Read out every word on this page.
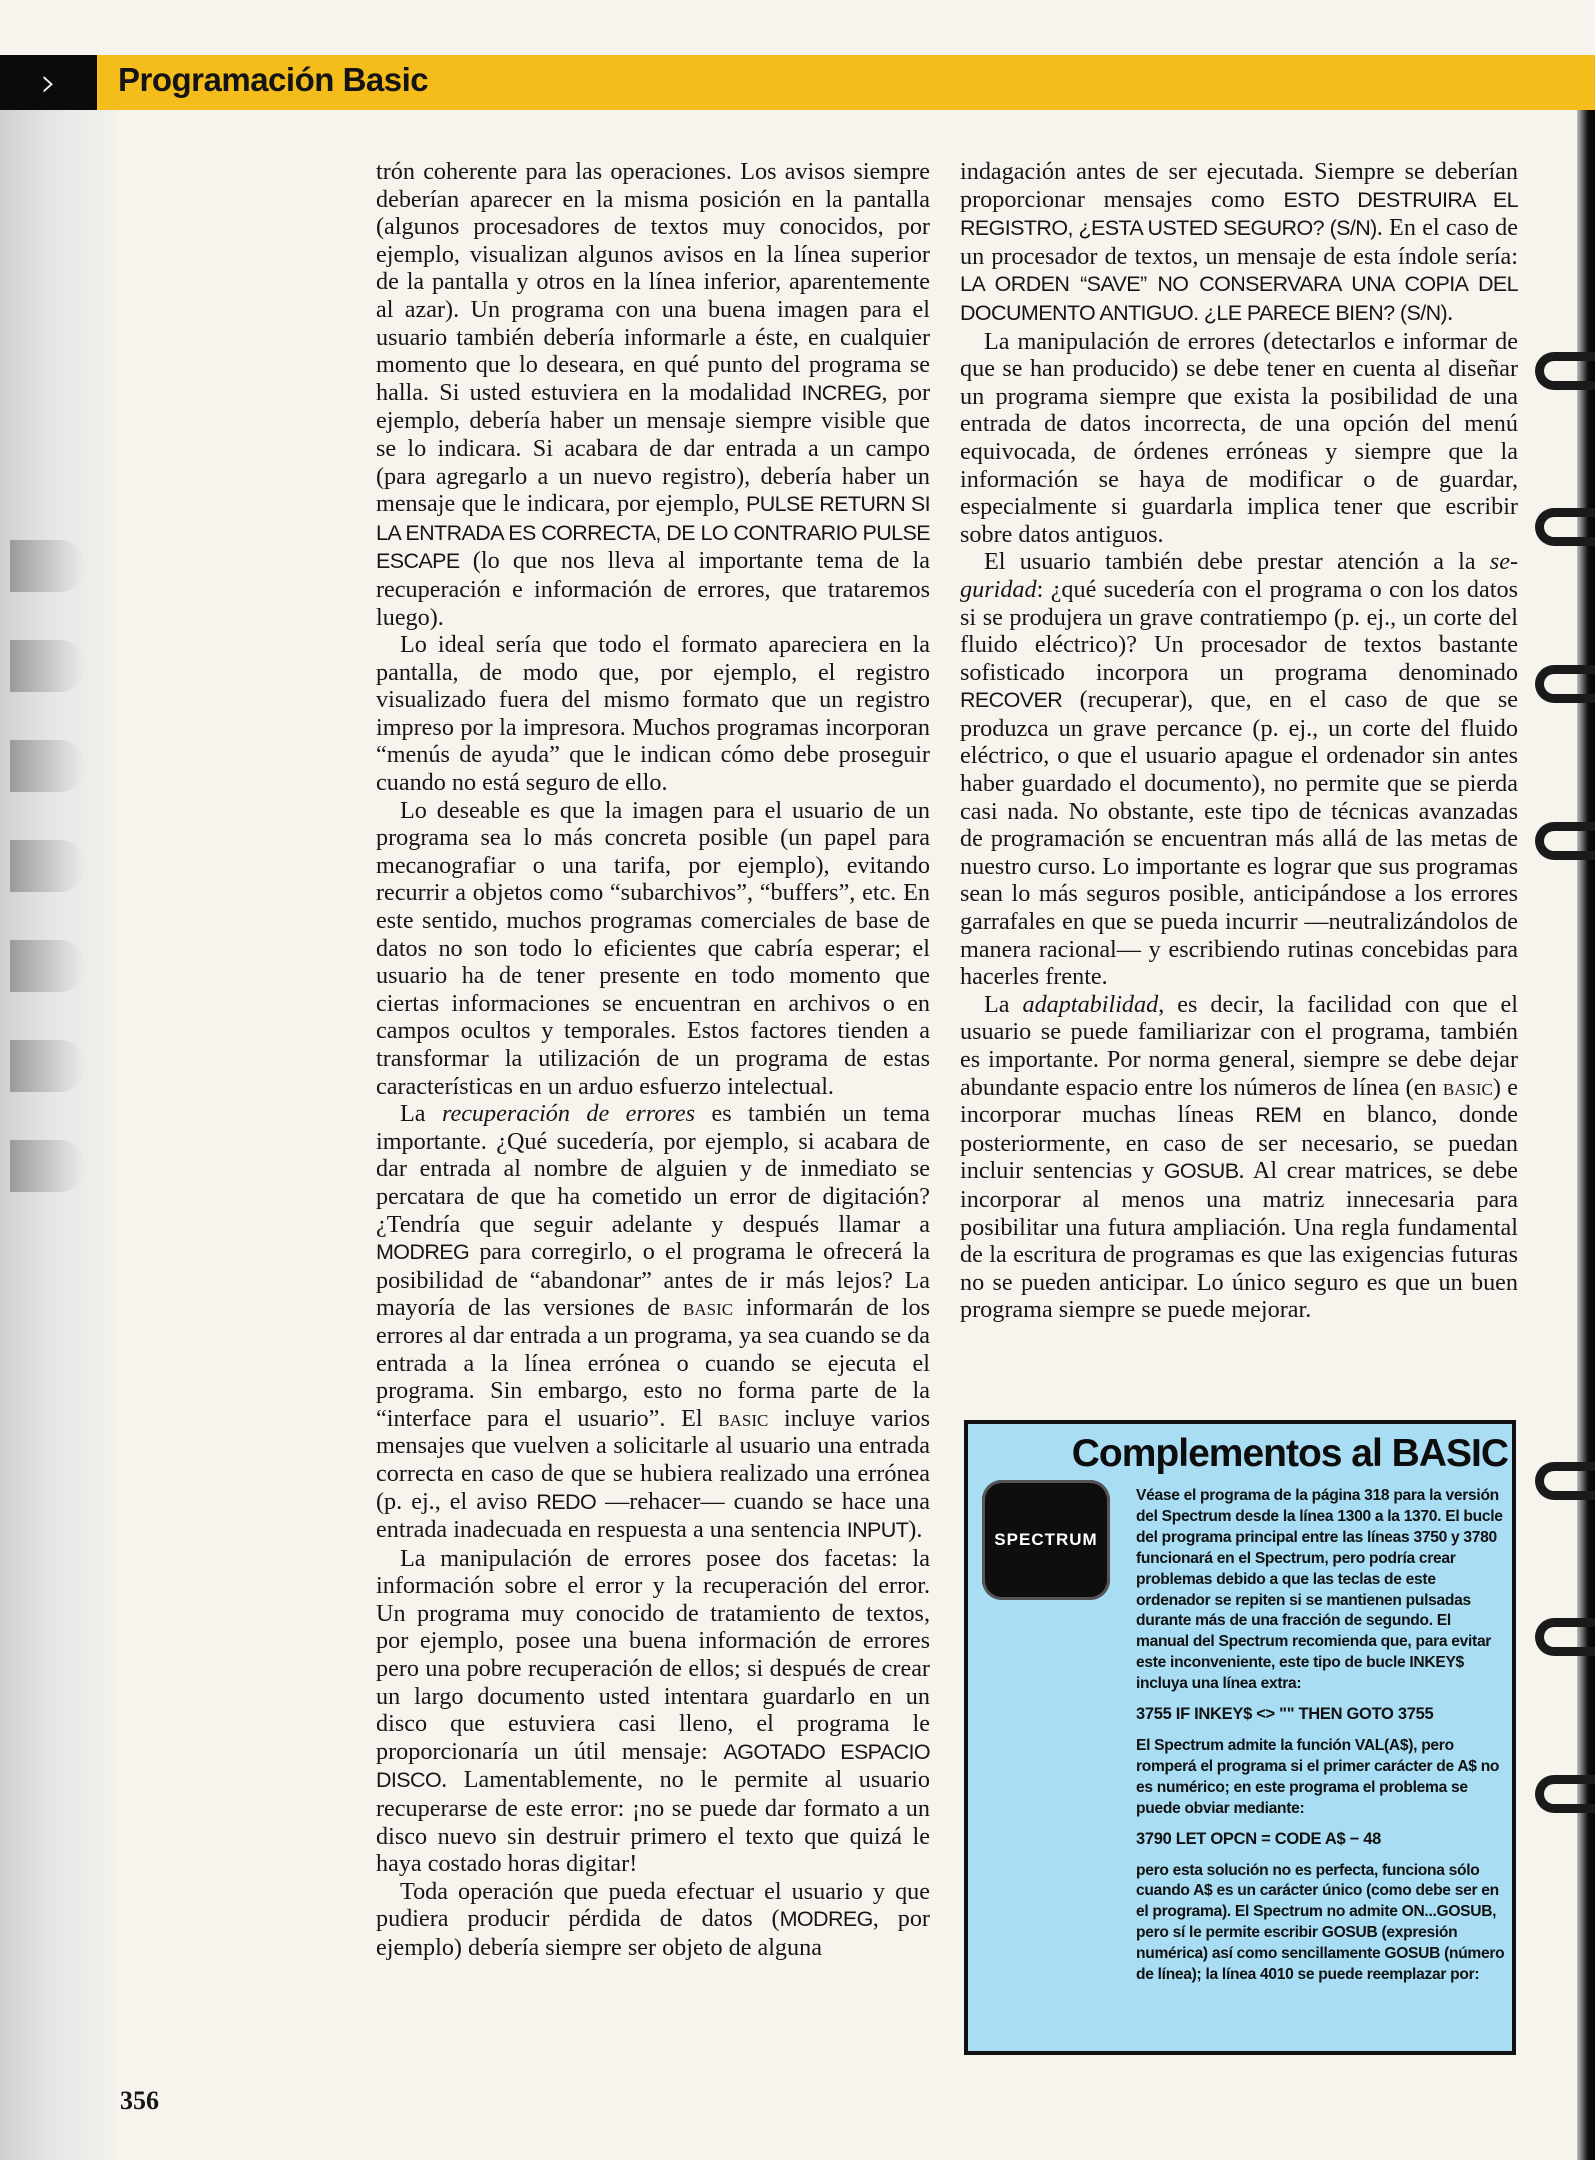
›	Programación Basic

trón coherente para las operaciones. Los avisos siempre deberían aparecer en la misma posición en la pantalla (algunos procesadores de textos muy conocidos, por ejemplo, visualizan algunos avisos en la línea superior de la pantalla y otros en la línea inferior, aparentemente al azar). Un programa con una buena imagen para el usuario también debería informarle a éste, en cualquier momento que lo deseara, en qué punto del programa se halla. Si usted estuviera en la modalidad INCREG, por ejemplo, debería haber un mensaje siempre visible que se lo indicara. Si acabara de dar entrada a un campo (para agregarlo a un nuevo registro), debería haber un mensaje que le indicara, por ejemplo, PULSE RETURN SI LA ENTRADA ES CORRECTA, DE LO CONTRARIO PULSE ESCAPE (lo que nos lleva al importante tema de la recuperación e información de errores, que trataremos luego).

Lo ideal sería que todo el formato apareciera en la pantalla, de modo que, por ejemplo, el registro visualizado fuera del mismo formato que un registro impreso por la impresora. Muchos programas incorporan “menús de ayuda” que le indican cómo debe proseguir cuando no está seguro de ello.

Lo deseable es que la imagen para el usuario de un programa sea lo más concreta posible (un papel para mecanografiar o una tarifa, por ejemplo), evitando recurrir a objetos como “subarchivos”, “buffers”, etc. En este sentido, muchos programas comerciales de base de datos no son todo lo eficientes que cabría esperar; el usuario ha de tener presente en todo momento que ciertas informaciones se encuentran en archivos o en campos ocultos y temporales. Estos factores tienden a transformar la utilización de un programa de estas características en un arduo esfuerzo intelectual.

La recuperación de errores es también un tema importante. ¿Qué sucedería, por ejemplo, si acabara de dar entrada al nombre de alguien y de inmediato se percatara de que ha cometido un error de digitación? ¿Tendría que seguir adelante y después llamar a MODREG para corregirlo, o el programa le ofrecerá la posibilidad de “abandonar” antes de ir más lejos? La mayoría de las versiones de basic informarán de los errores al dar entrada a un programa, ya sea cuando se da entrada a la línea errónea o cuando se ejecuta el programa. Sin embargo, esto no forma parte de la “interface para el usuario”. El basic incluye varios mensajes que vuelven a solicitarle al usuario una entrada correcta en caso de que se hubiera realizado una errónea (p. ej., el aviso REDO —rehacer— cuando se hace una entrada inadecuada en respuesta a una sentencia INPUT).

La manipulación de errores posee dos facetas: la información sobre el error y la recuperación del error. Un programa muy conocido de tratamiento de textos, por ejemplo, posee una buena información de errores pero una pobre recuperación de ellos; si después de crear un largo documento usted intentara guardarlo en un disco que estuviera casi lleno, el programa le proporcionaría un útil mensaje: AGOTADO ESPACIO DISCO. Lamentablemente, no le permite al usuario recuperarse de este error: ¡no se puede dar formato a un disco nuevo sin destruir primero el texto que quizá le haya costado horas digitar!

Toda operación que pueda efectuar el usuario y que pudiera producir pérdida de datos (MODREG, por ejemplo) debería siempre ser objeto de alguna

indagación antes de ser ejecutada. Siempre se deberían proporcionar mensajes como ESTO DESTRUIRA EL REGISTRO, ¿ESTA USTED SEGURO? (S/N). En el caso de un procesador de textos, un mensaje de esta índole sería: LA ORDEN “SAVE” NO CONSERVARA UNA COPIA DEL DOCUMENTO ANTIGUO. ¿LE PARECE BIEN? (S/N).

La manipulación de errores (detectarlos e informar de que se han producido) se debe tener en cuenta al diseñar un programa siempre que exista la posibilidad de una entrada de datos incorrecta, de una opción del menú equivocada, de órdenes erróneas y siempre que la información se haya de modificar o de guardar, especialmente si guardarla implica tener que escribir sobre datos antiguos.

El usuario también debe prestar atención a la seguridad: ¿qué sucedería con el programa o con los datos si se produjera un grave contratiempo (p. ej., un corte del fluido eléctrico)? Un procesador de textos bastante sofisticado incorpora un programa denominado RECOVER (recuperar), que, en el caso de que se produzca un grave percance (p. ej., un corte del fluido eléctrico, o que el usuario apague el ordenador sin antes haber guardado el documento), no permite que se pierda casi nada. No obstante, este tipo de técnicas avanzadas de programación se encuentran más allá de las metas de nuestro curso. Lo importante es lograr que sus programas sean lo más seguros posible, anticipándose a los errores garrafales en que se pueda incurrir —neutralizándolos de manera racional— y escribiendo rutinas concebidas para hacerles frente.

La adaptabilidad, es decir, la facilidad con que el usuario se puede familiarizar con el programa, también es importante. Por norma general, siempre se debe dejar abundante espacio entre los números de línea (en basic) e incorporar muchas líneas REM en blanco, donde posteriormente, en caso de ser necesario, se puedan incluir sentencias y GOSUB. Al crear matrices, se debe incorporar al menos una matriz innecesaria para posibilitar una futura ampliación. Una regla fundamental de la escritura de programas es que las exigencias futuras no se pueden anticipar. Lo único seguro es que un buen programa siempre se puede mejorar.

Complementos al BASIC
SPECTRUM

Véase el programa de la página 318 para la versión del Spectrum desde la línea 1300 a la 1370. El bucle del programa principal entre las líneas 3750 y 3780 funcionará en el Spectrum, pero podría crear problemas debido a que las teclas de este ordenador se repiten si se mantienen pulsadas durante más de una fracción de segundo. El manual del Spectrum recomienda que, para evitar este inconveniente, este tipo de bucle INKEY$ incluya una línea extra:

3755 IF INKEY$ <> "" THEN GOTO 3755

El Spectrum admite la función VAL(A$), pero romperá el programa si el primer carácter de A$ no es numérico; en este programa el problema se puede obviar mediante:

3790 LET OPCN = CODE A$ − 48

pero esta solución no es perfecta, funciona sólo cuando A$ es un carácter único (como debe ser en el programa). El Spectrum no admite ON...GOSUB, pero sí le permite escribir GOSUB (expresión numérica) así como sencillamente GOSUB (número de línea); la línea 4010 se puede reemplazar por:

356
